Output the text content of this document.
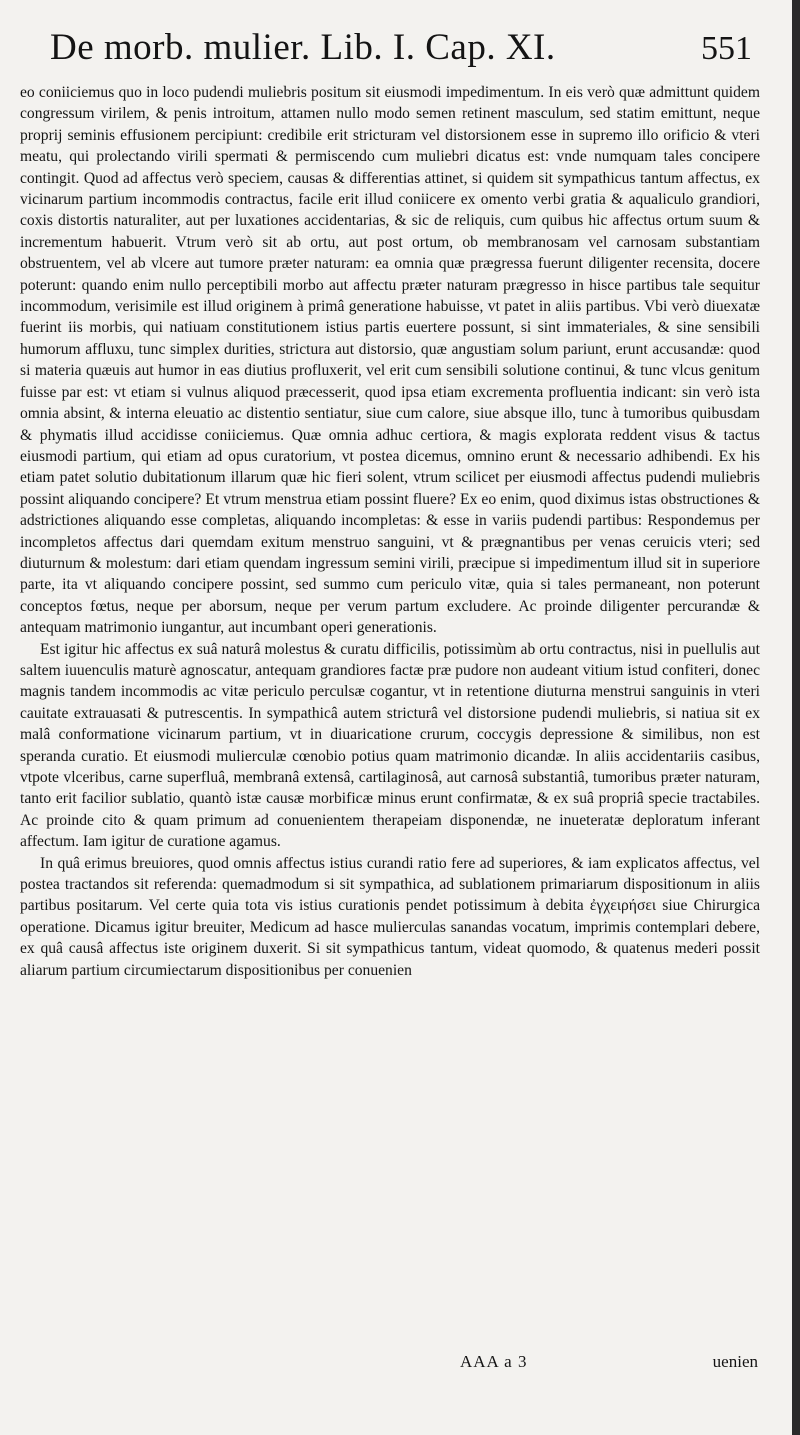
De morb. mulier. Lib. I. Cap. XI.	551

eo coniiciemus quo in loco pudendi muliebris positum sit eiusmodi impedimentum. In eis verò quæ admittunt quidem congressum virilem, & penis introitum, attamen nullo modo semen retinent masculum, sed statim emittunt, neque proprij seminis effusionem percipiunt: credibile erit stricturam vel distorsionem esse in supremo illo orificio & vteri meatu, qui prolectando virili spermati & permiscendo cum muliebri dicatus est: vnde numquam tales concipere contingit. Quod ad affectus verò speciem, causas & differentias attinet, si quidem sit sympathicus tantum affectus, ex vicinarum partium incommodis contractus, facile erit illud coniicere ex omento verbi gratia & aqualiculo grandiori, coxis distortis naturaliter, aut per luxationes accidentarias, & sic de reliquis, cum quibus hic affectus ortum suum & incrementum habuerit. Vtrum verò sit ab ortu, aut post ortum, ob membranosam vel carnosam substantiam obstruentem, vel ab vlcere aut tumore præter naturam: ea omnia quæ prægressa fuerunt diligenter recensita, docere poterunt: quando enim nullo perceptibili morbo aut affectu præter naturam prægresso in hisce partibus tale sequitur incommodum, verisimile est illud originem à primâ generatione habuisse, vt patet in aliis partibus. Vbi verò diuexatæ fuerint iis morbis, qui natiuam constitutionem istius partis euertere possunt, si sint immateriales, & sine sensibili humorum affluxu, tunc simplex durities, strictura aut distorsio, quæ angustiam solum pariunt, erunt accusandæ: quod si materia quæuis aut humor in eas diutius profluxerit, vel erit cum sensibili solutione continui, & tunc vlcus genitum fuisse par est: vt etiam si vulnus aliquod præcesserit, quod ipsa etiam excrementa profluentia indicant: sin verò ista omnia absint, & interna eleuatio ac distentio sentiatur, siue cum calore, siue absque illo, tunc à tumoribus quibusdam & phymatis illud accidisse coniiciemus. Quæ omnia adhuc certiora, & magis explorata reddent visus & tactus eiusmodi partium, qui etiam ad opus curatorium, vt postea dicemus, omnino erunt & necessario adhibendi. Ex his etiam patet solutio dubitationum illarum quæ hic fieri solent, vtrum scilicet per eiusmodi affectus pudendi muliebris possint aliquando concipere? Et vtrum menstrua etiam possint fluere? Ex eo enim, quod diximus istas obstructiones & adstrictiones aliquando esse completas, aliquando incompletas: & esse in variis pudendi partibus: Respondemus per incompletos affectus dari quemdam exitum menstruo sanguini, vt & prægnantibus per venas ceruicis vteri; sed diuturnum & molestum: dari etiam quendam ingressum semini virili, præcipue si impedimentum illud sit in superiore parte, ita vt aliquando concipere possint, sed summo cum periculo vitæ, quia si tales permaneant, non poterunt conceptos fœtus, neque per aborsum, neque per verum partum excludere. Ac proinde diligenter percurandæ & antequam matrimonio iungantur, aut incumbant operi generationis.

Est igitur hic affectus ex suâ naturâ molestus & curatu difficilis, potissimùm ab ortu contractus, nisi in puellulis aut saltem iuuenculis maturè agnoscatur, antequam grandiores factæ præ pudore non audeant vitium istud confiteri, donec magnis tandem incommodis ac vitæ periculo perculsæ cogantur, vt in retentione diuturna menstrui sanguinis in vteri cauitate extrauasati & putrescentis. In sympathicâ autem stricturâ vel distorsione pudendi muliebris, si natiua sit ex malâ conformatione vicinarum partium, vt in diuaricatione crurum, coccygis depressione & similibus, non est speranda curatio. Et eiusmodi mulierculæ cœnobio potius quam matrimonio dicandæ. In aliis accidentariis casibus, vtpote vlceribus, carne superfluâ, membranâ extensâ, cartilaginosâ, aut carnosâ substantiâ, tumoribus præter naturam, tanto erit facilior sublatio, quantò istæ causæ morbificæ minus erunt confirmatæ, & ex suâ propriâ specie tractabiles. Ac proinde cito & quam primum ad conuenientem therapeiam disponendæ, ne inueteratæ deploratum inferant affectum. Iam igitur de curatione agamus.

In quâ erimus breuiores, quod omnis affectus istius curandi ratio fere ad superiores, & iam explicatos affectus, vel postea tractandos sit referenda: quemadmodum si sit sympathica, ad sublationem primariarum dispositionum in aliis partibus positarum. Vel certe quia tota vis istius curationis pendet potissimum à debita ἐγχειρήσει siue Chirurgica operatione. Dicamus igitur breuiter, Medicum ad hasce mulierculas sanandas vocatum, imprimis contemplari debere, ex quâ causâ affectus iste originem duxerit. Si sit sympathicus tantum, videat quomodo, & quatenus mederi possit aliarum partium circumiectarum dispositionibus per conuenien

AAA a 3	uenien
